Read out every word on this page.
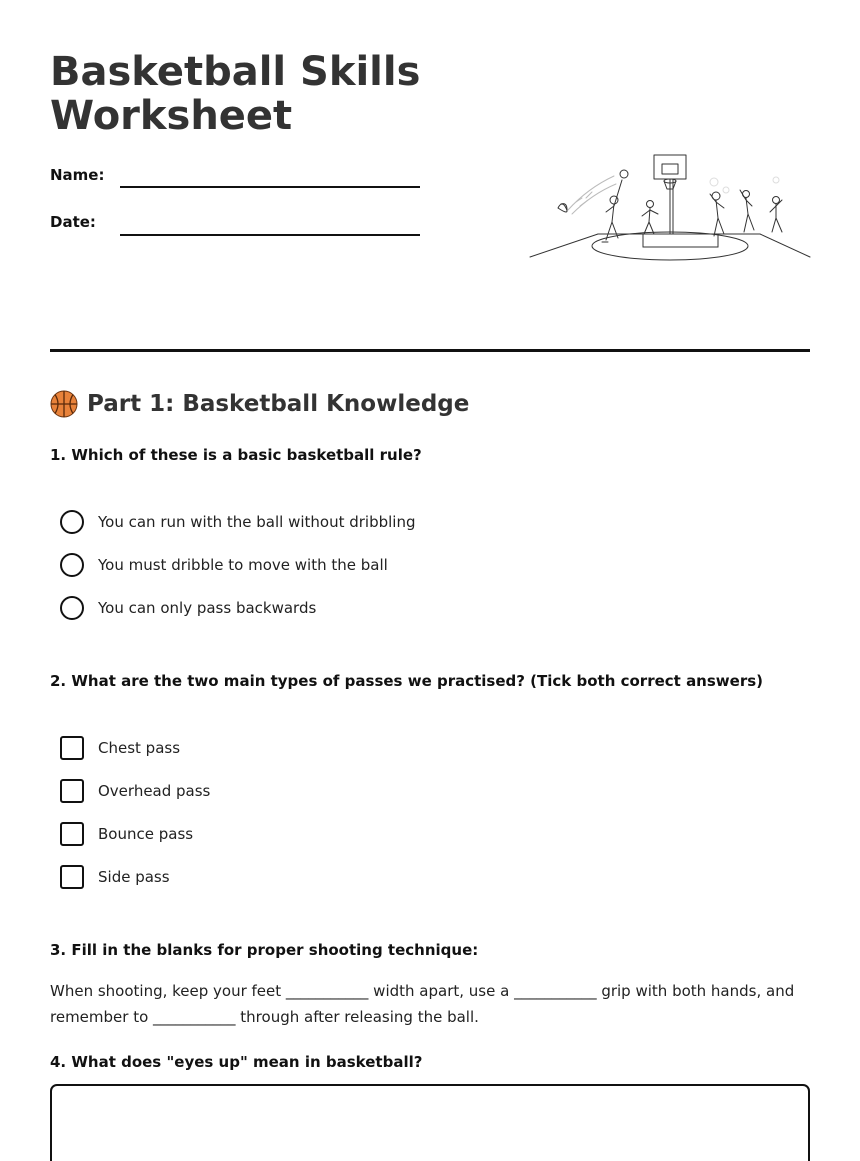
Basketball Skills Worksheet
Name:
Date:
Part 1: Basketball Knowledge
1. Which of these is a basic basketball rule?
You can run with the ball without dribbling
You must dribble to move with the ball
You can only pass backwards
2. What are the two main types of passes we practised? (Tick both correct answers)
Chest pass
Overhead pass
Bounce pass
Side pass
3. Fill in the blanks for proper shooting technique:
When shooting, keep your feet ___________ width apart, use a ___________ grip with both hands, and remember to ___________ through after releasing the ball.
4. What does "eyes up" mean in basketball?
